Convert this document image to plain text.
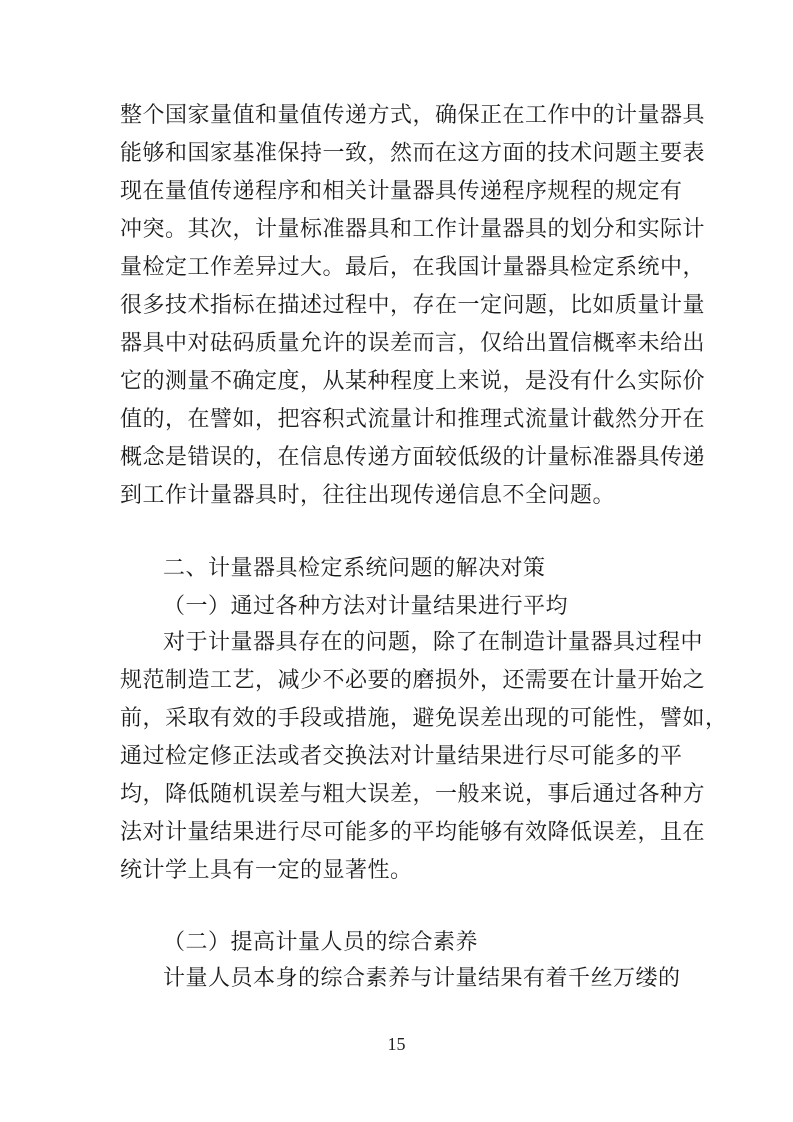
整个国家量值和量值传递方式，确保正在工作中的计量器具
能够和国家基准保持一致，然而在这方面的技术问题主要表
现在量值传递程序和相关计量器具传递程序规程的规定有
冲突。其次，计量标准器具和工作计量器具的划分和实际计
量检定工作差异过大。最后，在我国计量器具检定系统中，
很多技术指标在描述过程中，存在一定问题，比如质量计量
器具中对砝码质量允许的误差而言，仅给出置信概率未给出
它的测量不确定度，从某种程度上来说，是没有什么实际价
值的，在譬如，把容积式流量计和推理式流量计截然分开在
概念是错误的，在信息传递方面较低级的计量标准器具传递
到工作计量器具时，往往出现传递信息不全问题。
二、计量器具检定系统问题的解决对策
（一）通过各种方法对计量结果进行平均
对于计量器具存在的问题，除了在制造计量器具过程中
规范制造工艺，减少不必要的磨损外，还需要在计量开始之
前，采取有效的手段或措施，避免误差出现的可能性，譬如，
通过检定修正法或者交换法对计量结果进行尽可能多的平
均，降低随机误差与粗大误差，一般来说，事后通过各种方
法对计量结果进行尽可能多的平均能够有效降低误差，且在
统计学上具有一定的显著性。
（二）提高计量人员的综合素养
计量人员本身的综合素养与计量结果有着千丝万缕的
15
